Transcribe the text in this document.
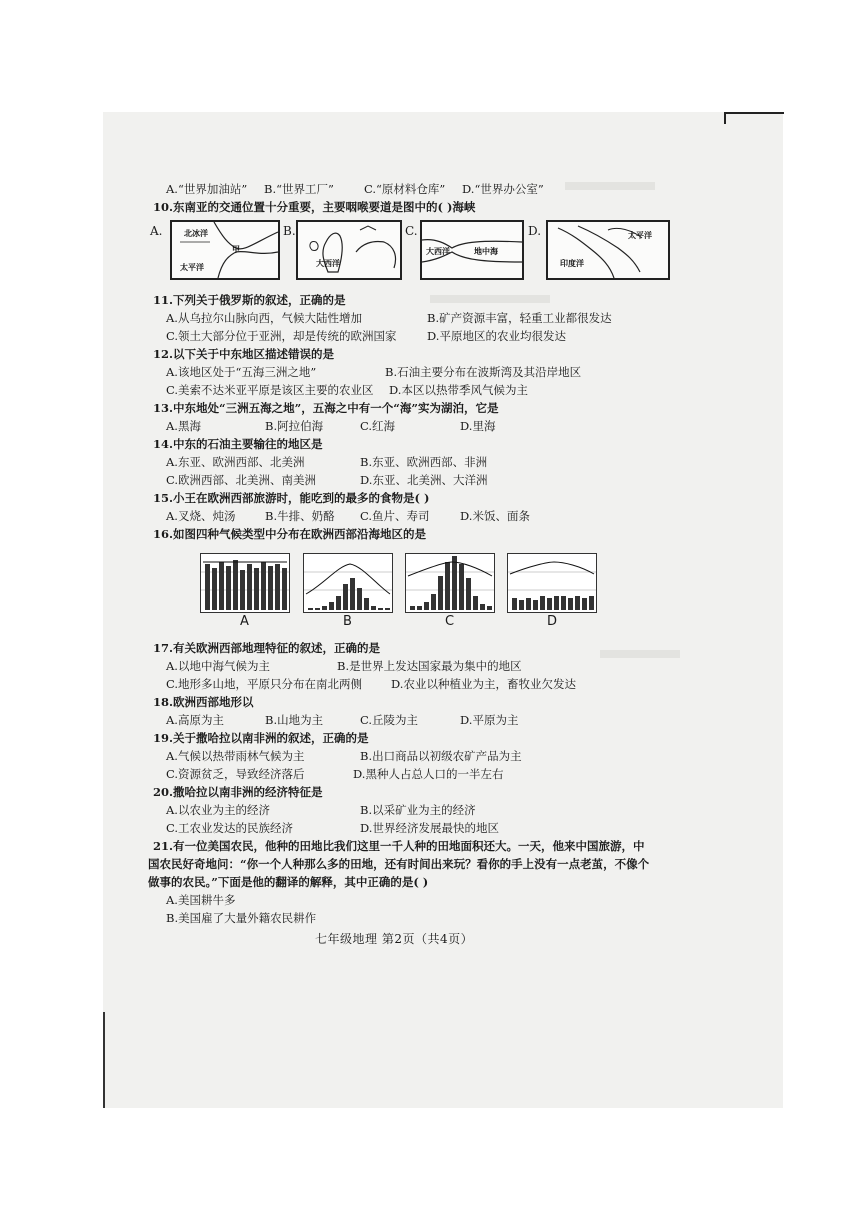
A.“世界加油站” B.“世界工厂”	C.“原材料仓库” D.“世界办公室”
10.东南亚的交通位置十分重要，主要咽喉要道是图中的( )海峡
A.	北冰洋
甲
太平洋
B.
大西洋
C.
大西洋	地中海
D.	太平洋
印度洋
11.下列关于俄罗斯的叙述，正确的是
A.从乌拉尔山脉向西，气候大陆性增加	B.矿产资源丰富，轻重工业都很发达
C.领土大部分位于亚洲，却是传统的欧洲国家	D.平原地区的农业均很发达
12.以下关于中东地区描述错误的是
A.该地区处于“五海三洲之地”	B.石油主要分布在波斯湾及其沿岸地区
C.美索不达米亚平原是该区主要的农业区 D.本区以热带季风气候为主
13.中东地处“三洲五海之地”，五海之中有一个“海”实为湖泊，它是
A.黑海	B.阿拉伯海	C.红海	D.里海
14.中东的石油主要输往的地区是
A.东亚、欧洲西部、北美洲	B.东亚、欧洲西部、非洲
C.欧洲西部、北美洲、南美洲	D.东亚、北美洲、大洋洲
15.小王在欧洲西部旅游时，能吃到的最多的食物是( )
A.叉烧、炖汤	B.牛排、奶酪 C.鱼片、寿司	D.米饭、面条
16.如图四种气候类型中分布在欧洲西部沿海地区的是
A	B	C	D
17.有关欧洲西部地理特征的叙述，正确的是
A.以地中海气候为主	B.是世界上发达国家最为集中的地区
C.地形多山地，平原只分布在南北两侧	D.农业以种植业为主，畜牧业欠发达
18.欧洲西部地形以
A.高原为主	B.山地为主	C.丘陵为主	D.平原为主
19.关于撒哈拉以南非洲的叙述，正确的是
A.气候以热带雨林气候为主	B.出口商品以初级农矿产品为主
C.资源贫乏，导致经济落后	D.黑种人占总人口的一半左右
20.撒哈拉以南非洲的经济特征是
A.以农业为主的经济	B.以采矿业为主的经济
C.工农业发达的民族经济	D.世界经济发展最快的地区
21.有一位美国农民，他种的田地比我们这里一千人种的田地面积还大。一天，他来中国旅游，中
国农民好奇地问：“你一个人种那么多的田地，还有时间出来玩？看你的手上没有一点老茧，不像个
做事的农民。”下面是他的翻译的解释，其中正确的是( )
A.美国耕牛多
B.美国雇了大量外籍农民耕作
七年级地理 第2页（共4页）
